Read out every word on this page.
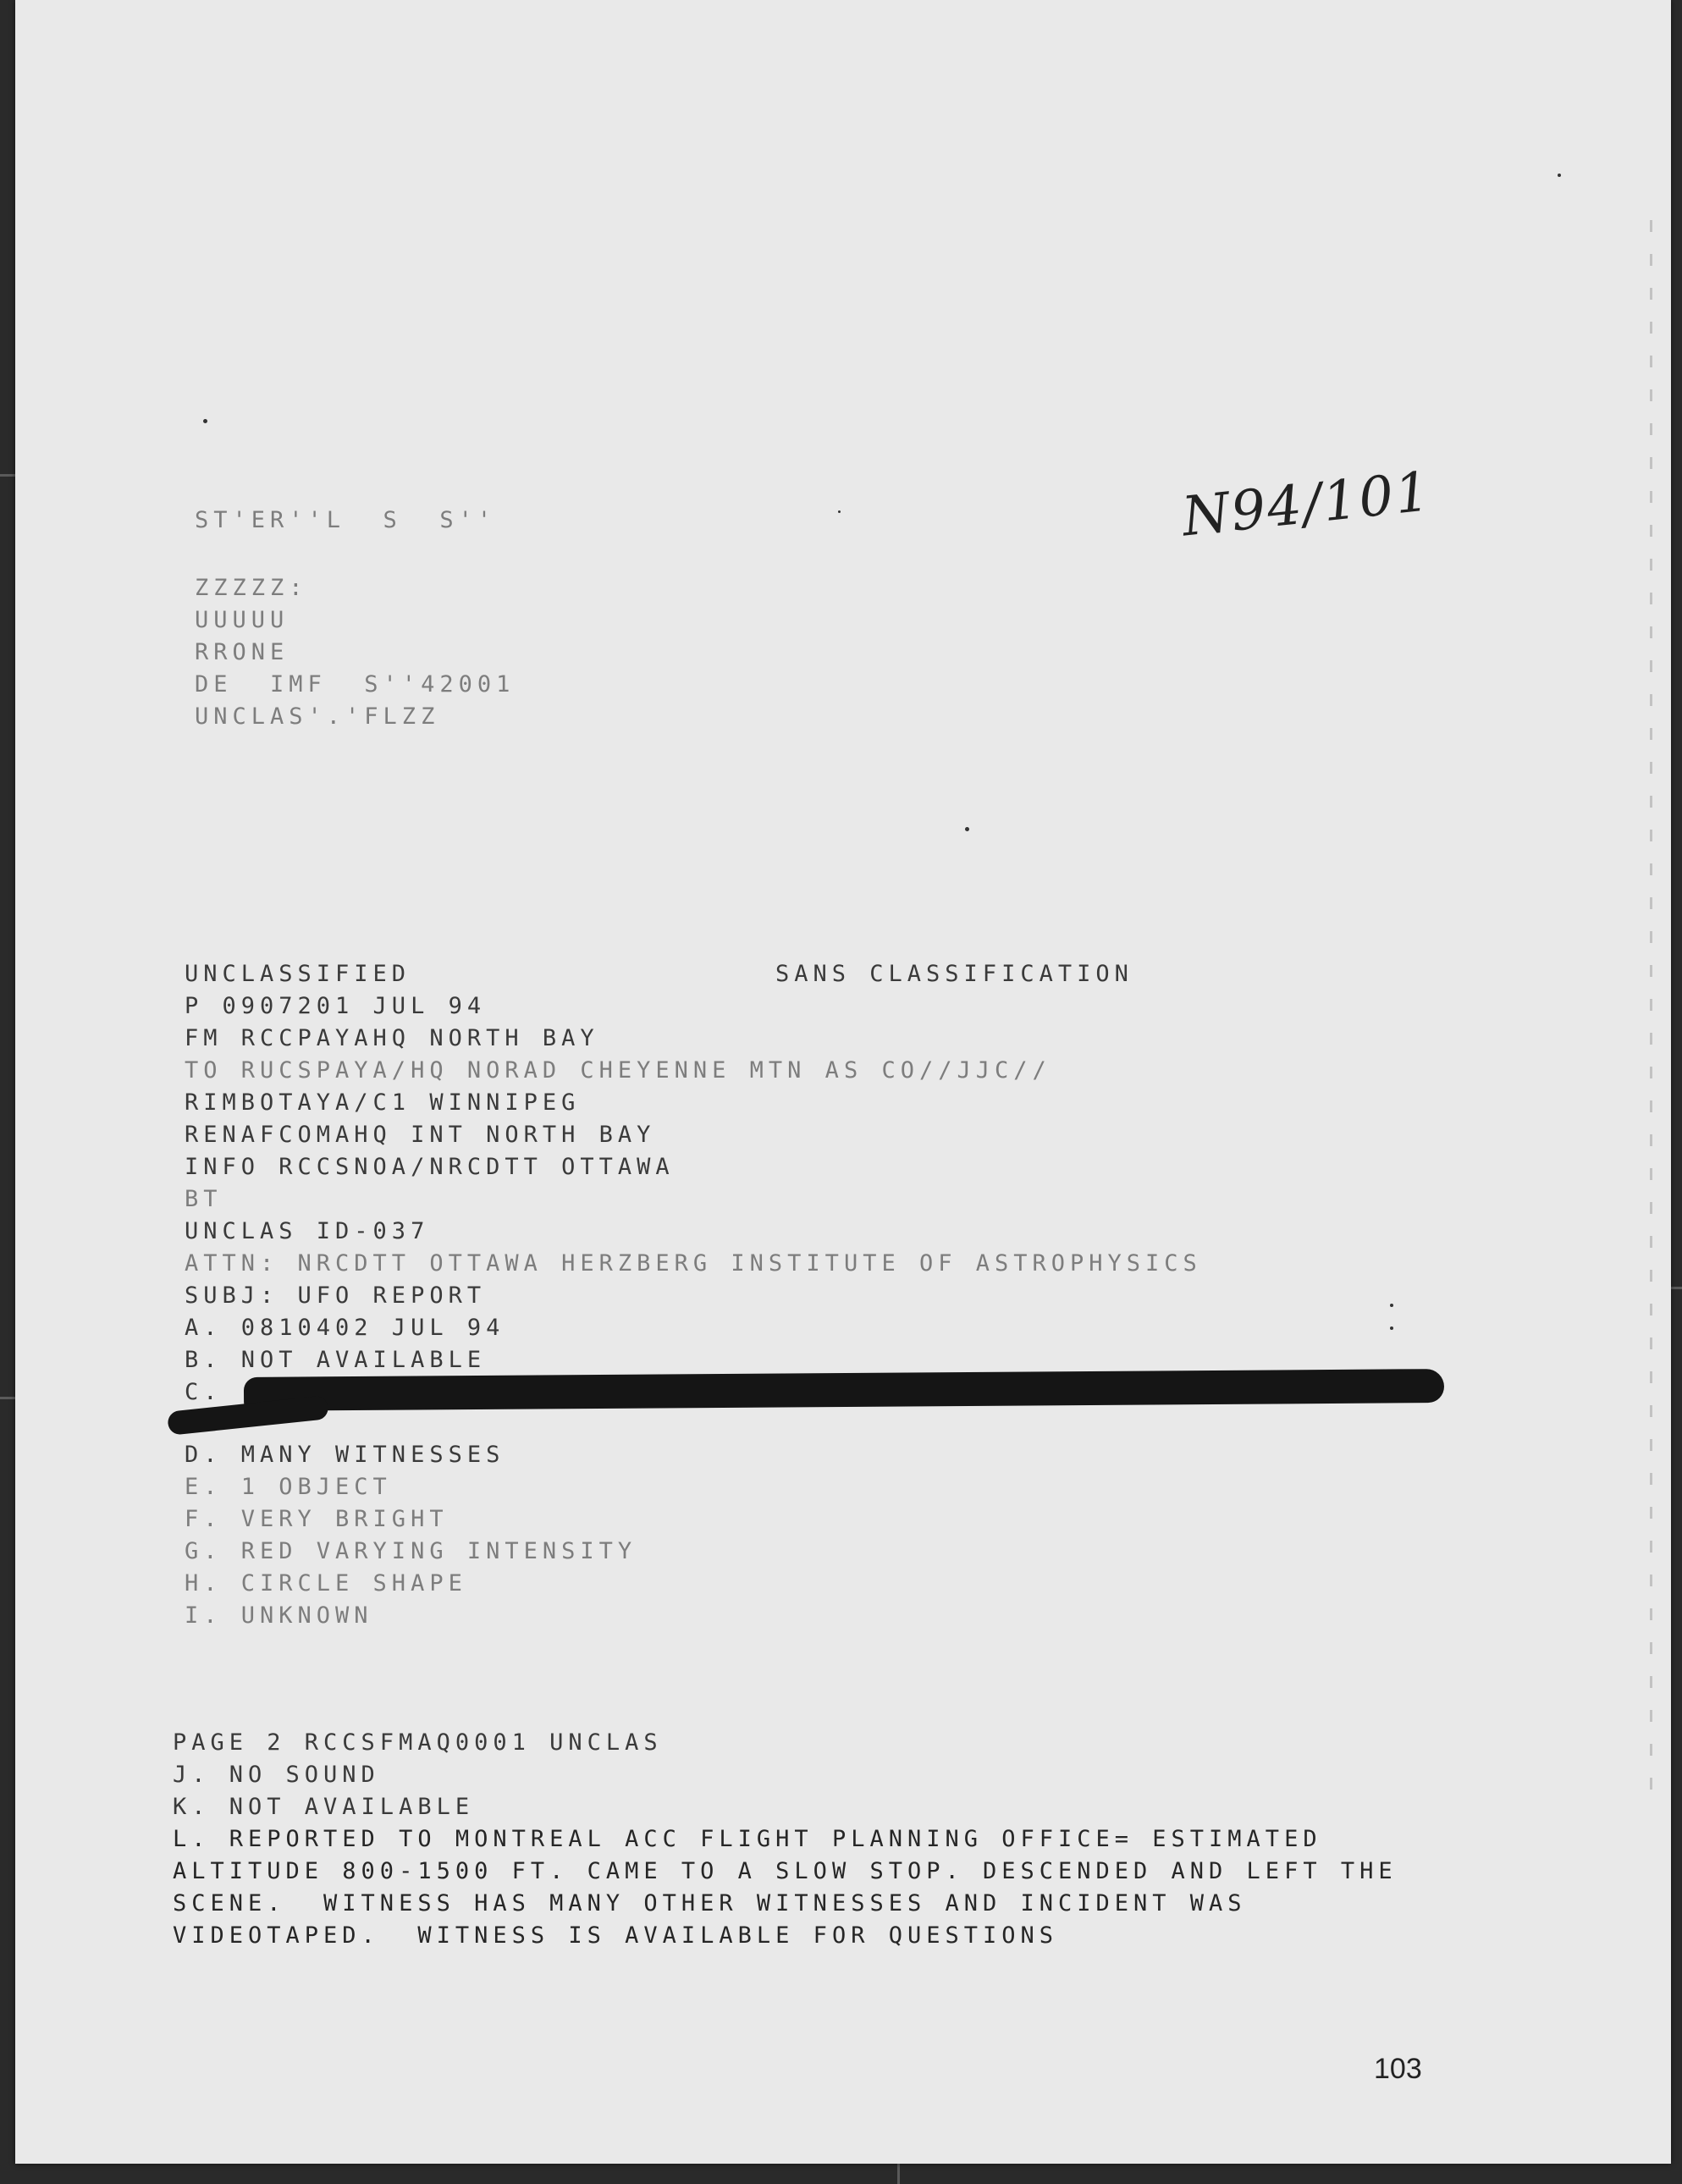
ST'ER''L  S  S''
ZZZZZ:
UUUUU
RRONE
DE  IMF  S''42001
UNCLAS'.'FLZZ
N94/101
UNCLASSIFIED	SANS CLASSIFICATION
P 0907201 JUL 94
FM RCCPAYAHQ NORTH BAY
TO RUCSPAYA/HQ NORAD CHEYENNE MTN AS CO//JJC//
RIMBOTAYA/C1 WINNIPEG
RENAFCOMAHQ INT NORTH BAY
INFO RCCSNOA/NRCDTT OTTAWA
BT
UNCLAS ID-037
ATTN: NRCDTT OTTAWA HERZBERG INSTITUTE OF ASTROPHYSICS
SUBJ: UFO REPORT
A. 0810402 JUL 94
B. NOT AVAILABLE
C.
D. MANY WITNESSES
E. 1 OBJECT
F. VERY BRIGHT
G. RED VARYING INTENSITY
H. CIRCLE SHAPE
I. UNKNOWN
PAGE 2 RCCSFMAQ0001 UNCLAS
J. NO SOUND
K. NOT AVAILABLE
L. REPORTED TO MONTREAL ACC FLIGHT PLANNING OFFICE= ESTIMATED
ALTITUDE 800-1500 FT. CAME TO A SLOW STOP. DESCENDED AND LEFT THE
SCENE.  WITNESS HAS MANY OTHER WITNESSES AND INCIDENT WAS
VIDEOTAPED.  WITNESS IS AVAILABLE FOR QUESTIONS
103
